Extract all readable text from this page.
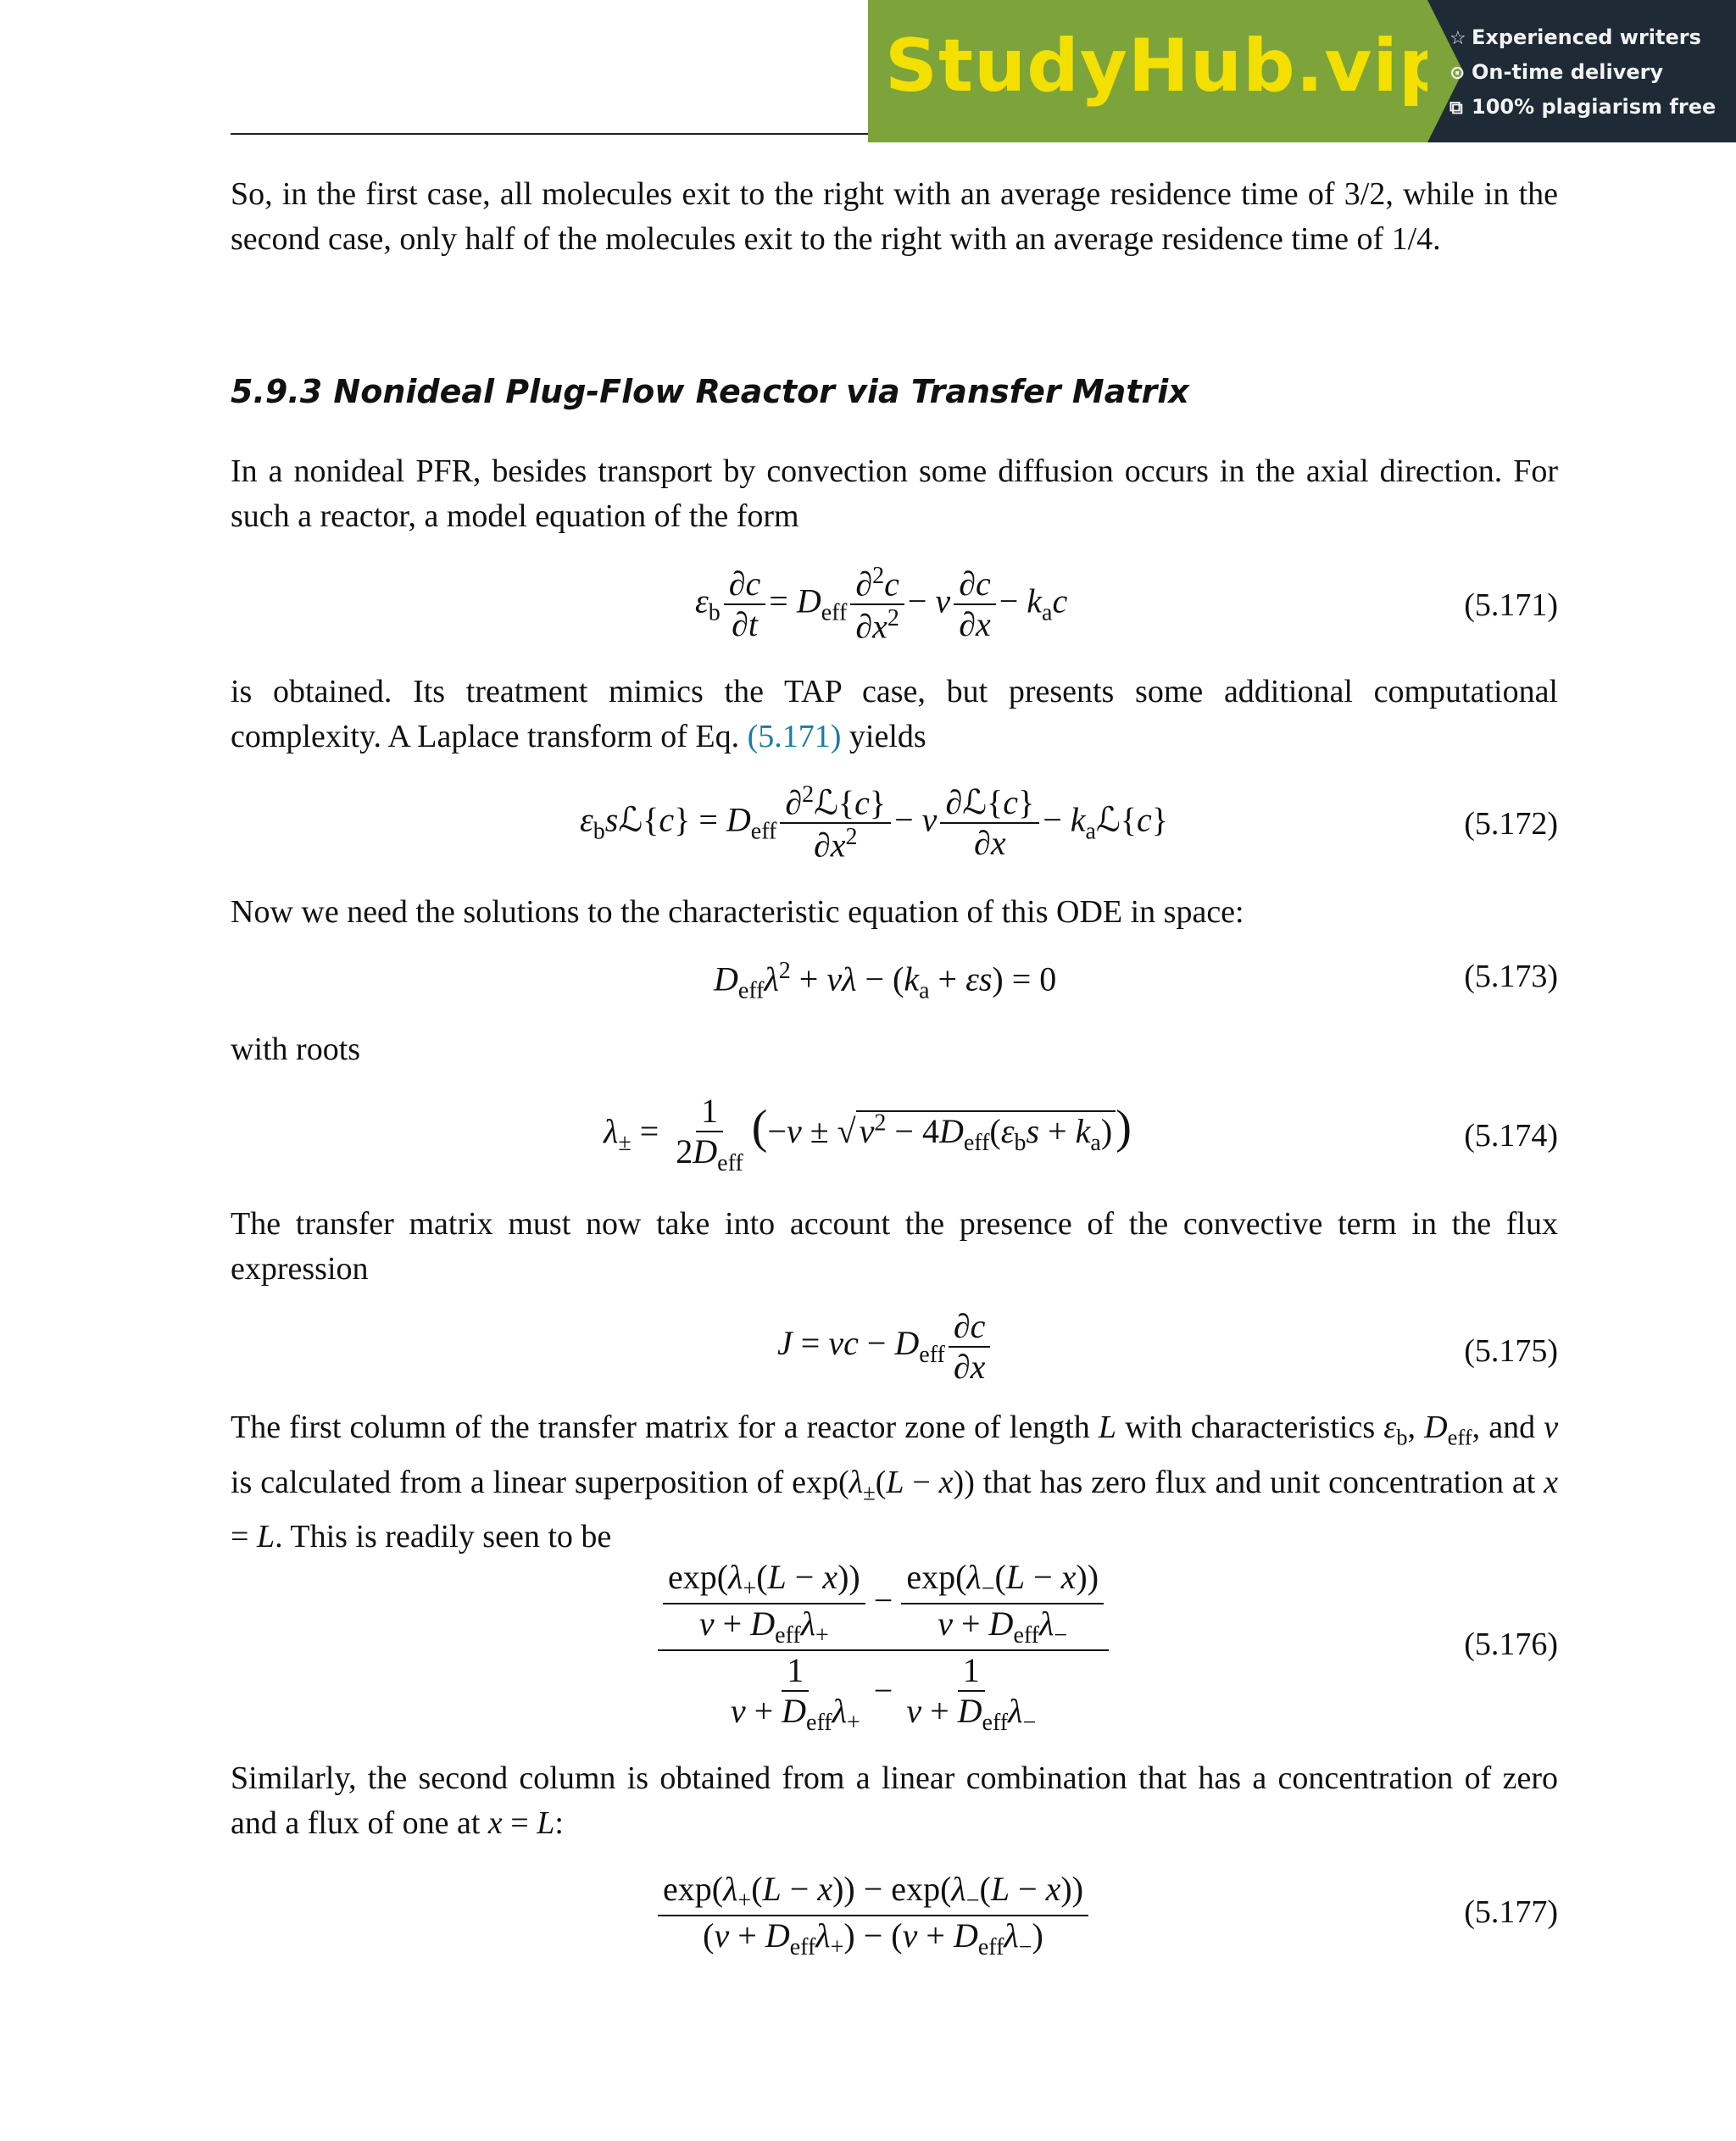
StudyHub.vip
☆ Experienced writers
⊙ On-time delivery
⧉ 100% plagiarism free
So, in the first case, all molecules exit to the right with an average residence time of 3/2, while in the second case, only half of the molecules exit to the right with an average residence time of 1/4.
5.9.3 Nonideal Plug-Flow Reactor via Transfer Matrix
In a nonideal PFR, besides transport by convection some diffusion occurs in the axial direction. For such a reactor, a model equation of the form
$\varepsilon_b \frac{\partial c}{\partial t} = D_{eff} \frac{\partial^2c}{\partial x^2} - v \frac{\partial c}{\partial x} - k_ac$	(5.171)
is obtained. Its treatment mimics the TAP case, but presents some additional computational complexity. A Laplace transform of Eq. (5.171) yields
$\varepsilon_bsℒ\{c\} = D_{eff} \frac{\partial^2ℒ\{c\}}{\partial x^2} - v \frac{\text{∂ℒ\{c\}}}{\partial x}$ − $k_aℒ\{c\}$	(5.172)
Now we need the solutions to the characteristic equation of this ODE in space:
$D_{eff}\lambda^2 + v\lambda - (k_a + \varepsilon s) = 0$	(5.173)
with roots
$\lambda_\pm = \frac{1}{2D_{eff}} (-v$ ± √ $v^2 - 4D_{eff}(\varepsilon_bs + k_a)$)	(5.174)
The transfer matrix must now take into account the presence of the convective term in the flux expression
J = vc − $D_{eff} \frac{\partial c}{\partial x}$	(5.175)
The first column of the transfer matrix for a reactor zone of length L with characteristics $\varepsilon_b$, $D_{eff}$, and v is calculated from a linear superposition of $\exp(\lambda_\pm(L - x))$ that has zero flux and unit concentration at x = L. This is readily seen to be
$\frac{\exp(\lambda_+(L - x))}{v + D_{eff}\lambda_+} - \frac{\exp(\lambda_-(L - x))}{v + D_{eff}\lambda_-}$
$\frac{1}{v + D_{eff}\lambda_+} - \frac{1}{v + D_{eff}\lambda_-}$
(5.176)
Similarly, the second column is obtained from a linear combination that has a concentration of zero and a flux of one at x = L:
$\frac{\exp(\lambda_+(L - x)) - \exp(\lambda_-(L - x))}{(v + D_{eff}\lambda_+) - (v + D_{eff}\lambda_-)}$	(5.177)
